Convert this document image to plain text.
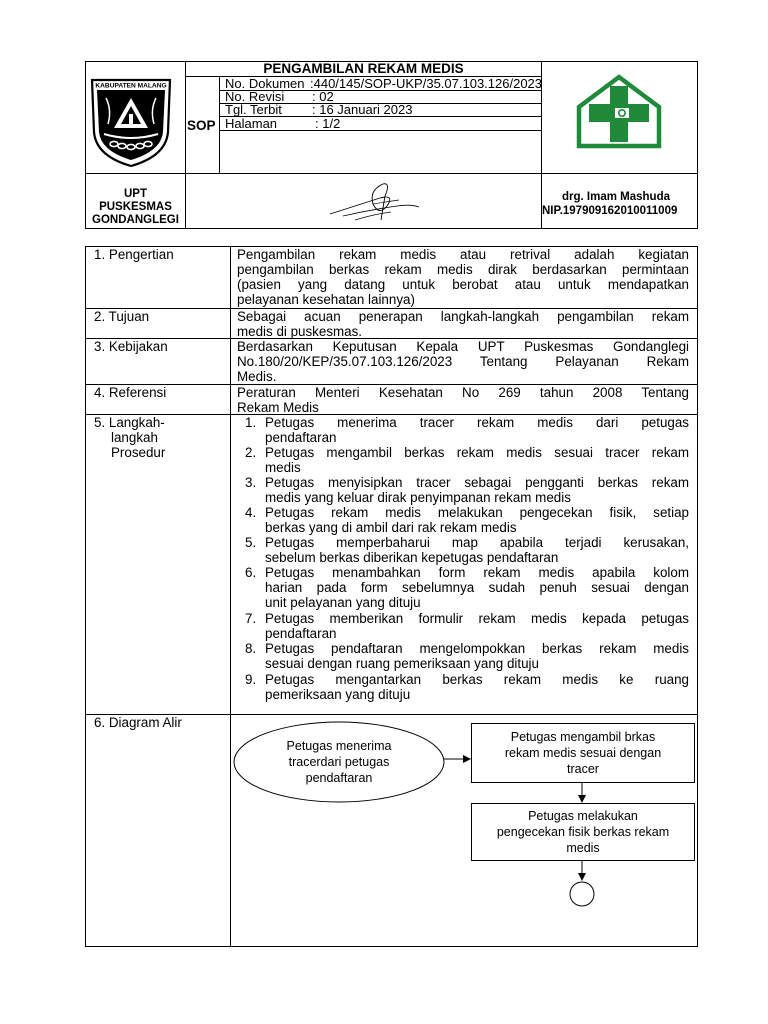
KABUPATEN MALANG
PENGAMBILAN REKAM MEDIS
SOP
No. Dokumen :440/145/SOP-UKP/35.07.103.126/2023
No. Revisi : 02
Tgl. Terbit : 16 Januari 2023
Halaman	: 1/2
UPT
PUSKESMAS
GONDANGLEGI
drg. Imam Mashuda
NIP.197909162010011009
1. Pengertian	Pengambilan rekam medis atau retrival adalah kegiatan
pengambilan berkas rekam medis dirak berdasarkan permintaan
(pasien yang datang untuk berobat atau untuk mendapatkan
pelayanan kesehatan lainnya)
2. Tujuan	Sebagai acuan penerapan langkah-langkah pengambilan rekam
medis di puskesmas.
3. Kebijakan	Berdasarkan Keputusan Kepala UPT Puskesmas Gondanglegi
No.180/20/KEP/35.07.103.126/2023 Tentang Pelayanan Rekam
Medis.
4. Referensi	Peraturan Menteri Kesehatan No 269 tahun 2008 Tentang
Rekam Medis
5. Langkah-
langkah
Prosedur
1. Petugas menerima tracer rekam medis dari petugas
pendaftaran
2. Petugas mengambil berkas rekam medis sesuai tracer rekam
medis
3. Petugas menyisipkan tracer sebagai pengganti berkas rekam
medis yang keluar dirak penyimpanan rekam medis
4. Petugas rekam medis melakukan pengecekan fisik, setiap
berkas yang di ambil dari rak rekam medis
5. Petugas memperbaharui map apabila terjadi kerusakan,
sebelum berkas diberikan kepetugas pendaftaran
6. Petugas menambahkan form rekam medis apabila kolom
harian pada form sebelumnya sudah penuh sesuai dengan
unit pelayanan yang dituju
7. Petugas memberikan formulir rekam medis kepada petugas
pendaftaran
8. Petugas pendaftaran mengelompokkan berkas rekam medis
sesuai dengan ruang pemeriksaan yang dituju
9. Petugas mengantarkan berkas rekam medis ke ruang
pemeriksaan yang dituju
6. Diagram Alir
Petugas menerima
tracerdari petugas
pendaftaran
Petugas mengambil brkas
rekam medis sesuai dengan
tracer
Petugas melakukan
pengecekan fisik berkas rekam
medis
